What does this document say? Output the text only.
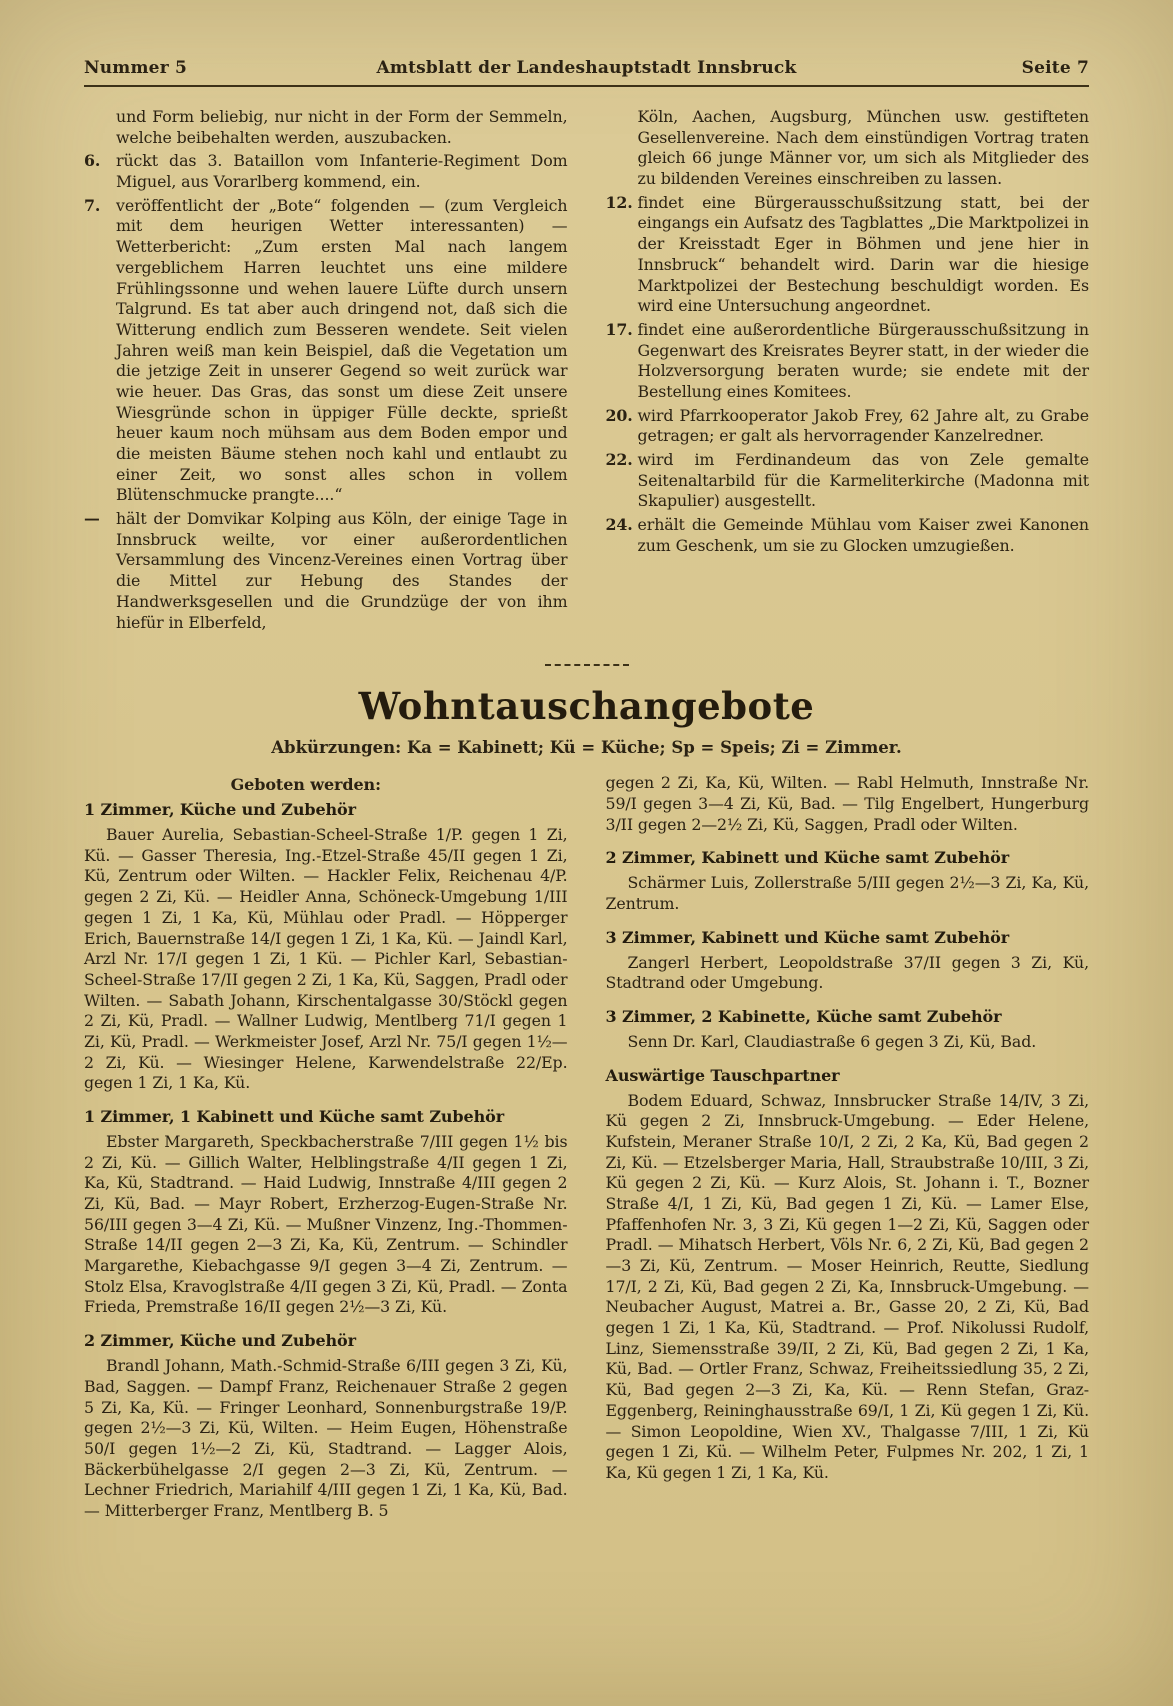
Nummer 5	Amtsblatt der Landeshauptstadt Innsbruck	Seite 7

und Form beliebig, nur nicht in der Form der Semmeln, welche beibehalten werden, auszubacken.

6. rückt das 3. Bataillon vom Infanterie-Regiment Dom Miguel, aus Vorarlberg kommend, ein.

7. veröffentlicht der „Bote“ folgenden — (zum Vergleich mit dem heurigen Wetter interessanten) — Wetterbericht: „Zum ersten Mal nach langem vergeblichem Harren leuchtet uns eine mildere Frühlingssonne und wehen lauere Lüfte durch unsern Talgrund. Es tat aber auch dringend not, daß sich die Witterung endlich zum Besseren wendete. Seit vielen Jahren weiß man kein Beispiel, daß die Vegetation um die jetzige Zeit in unserer Gegend so weit zurück war wie heuer. Das Gras, das sonst um diese Zeit unsere Wiesgründe schon in üppiger Fülle deckte, sprießt heuer kaum noch mühsam aus dem Boden empor und die meisten Bäume stehen noch kahl und entlaubt zu einer Zeit, wo sonst alles schon in vollem Blütenschmucke prangte....“

—	hält der Domvikar Kolping aus Köln, der einige Tage in Innsbruck weilte, vor einer außerordentlichen Versammlung des Vincenz-Vereines einen Vortrag über die Mittel zur Hebung des Standes der Handwerksgesellen und die Grundzüge der von ihm hiefür in Elberfeld,

Köln, Aachen, Augsburg, München usw. gestifteten Gesellenvereine. Nach dem einstündigen Vortrag traten gleich 66 junge Männer vor, um sich als Mitglieder des zu bildenden Vereines einschreiben zu lassen.

12. findet eine Bürgerausschußsitzung statt, bei der eingangs ein Aufsatz des Tagblattes „Die Marktpolizei in der Kreisstadt Eger in Böhmen und jene hier in Innsbruck“ behandelt wird. Darin war die hiesige Marktpolizei der Bestechung beschuldigt worden. Es wird eine Untersuchung angeordnet.

17. findet eine außerordentliche Bürgerausschußsitzung in Gegenwart des Kreisrates Beyrer statt, in der wieder die Holzversorgung beraten wurde; sie endete mit der Bestellung eines Komitees.

20. wird Pfarrkooperator Jakob Frey, 62 Jahre alt, zu Grabe getragen; er galt als hervorragender Kanzelredner.

22. wird im Ferdinandeum das von Zele gemalte Seitenaltarbild für die Karmeliterkirche (Madonna mit Skapulier) ausgestellt.

24. erhält die Gemeinde Mühlau vom Kaiser zwei Kanonen zum Geschenk, um sie zu Glocken umzugießen.

Wohntauschangebote
Abkürzungen: Ka = Kabinett; Kü = Küche; Sp = Speis; Zi = Zimmer.
Geboten werden:
1 Zimmer, Küche und Zubehör

Bauer Aurelia, Sebastian-Scheel-Straße 1/P. gegen 1 Zi, Kü. — Gasser Theresia, Ing.-Etzel-Straße 45/II gegen 1 Zi, Kü, Zentrum oder Wilten. — Hackler Felix, Reichenau 4/P. gegen 2 Zi, Kü. — Heidler Anna, Schöneck-Umgebung 1/III gegen 1 Zi, 1 Ka, Kü, Mühlau oder Pradl. — Höpperger Erich, Bauernstraße 14/I gegen 1 Zi, 1 Ka, Kü. — Jaindl Karl, Arzl Nr. 17/I gegen 1 Zi, 1 Kü. — Pichler Karl, Sebastian-Scheel-Straße 17/II gegen 2 Zi, 1 Ka, Kü, Saggen, Pradl oder Wilten. — Sabath Johann, Kirschentalgasse 30/Stöckl gegen 2 Zi, Kü, Pradl. — Wallner Ludwig, Mentlberg 71/I gegen 1 Zi, Kü, Pradl. — Werkmeister Josef, Arzl Nr. 75/I gegen 1½—2 Zi, Kü. — Wiesinger Helene, Karwendelstraße 22/Ep. gegen 1 Zi, 1 Ka, Kü.

1 Zimmer, 1 Kabinett und Küche samt Zubehör

Ebster Margareth, Speckbacherstraße 7/III gegen 1½ bis 2 Zi, Kü. — Gillich Walter, Helblingstraße 4/II gegen 1 Zi, Ka, Kü, Stadtrand. — Haid Ludwig, Innstraße 4/III gegen 2 Zi, Kü, Bad. — Mayr Robert, Erzherzog-Eugen-Straße Nr. 56/III gegen 3—4 Zi, Kü. — Mußner Vinzenz, Ing.-Thommen-Straße 14/II gegen 2—3 Zi, Ka, Kü, Zentrum. — Schindler Margarethe, Kiebachgasse 9/I gegen 3—4 Zi, Zentrum. — Stolz Elsa, Kravoglstraße 4/II gegen 3 Zi, Kü, Pradl. — Zonta Frieda, Premstraße 16/II gegen 2½—3 Zi, Kü.

2 Zimmer, Küche und Zubehör

Brandl Johann, Math.-Schmid-Straße 6/III gegen 3 Zi, Kü, Bad, Saggen. — Dampf Franz, Reichenauer Straße 2 gegen 5 Zi, Ka, Kü. — Fringer Leonhard, Sonnenburgstraße 19/P. gegen 2½—3 Zi, Kü, Wilten. — Heim Eugen, Höhenstraße 50/I gegen 1½—2 Zi, Kü, Stadtrand. — Lagger Alois, Bäckerbühelgasse 2/I gegen 2—3 Zi, Kü, Zentrum. — Lechner Friedrich, Mariahilf 4/III gegen 1 Zi, 1 Ka, Kü, Bad. — Mitterberger Franz, Mentlberg B. 5

gegen 2 Zi, Ka, Kü, Wilten. — Rabl Helmuth, Innstraße Nr. 59/I gegen 3—4 Zi, Kü, Bad. — Tilg Engelbert, Hungerburg 3/II gegen 2—2½ Zi, Kü, Saggen, Pradl oder Wilten.

2 Zimmer, Kabinett und Küche samt Zubehör

Schärmer Luis, Zollerstraße 5/III gegen 2½—3 Zi, Ka, Kü, Zentrum.

3 Zimmer, Kabinett und Küche samt Zubehör

Zangerl Herbert, Leopoldstraße 37/II gegen 3 Zi, Kü, Stadtrand oder Umgebung.

3 Zimmer, 2 Kabinette, Küche samt Zubehör

Senn Dr. Karl, Claudiastraße 6 gegen 3 Zi, Kü, Bad.

Auswärtige Tauschpartner

Bodem Eduard, Schwaz, Innsbrucker Straße 14/IV, 3 Zi, Kü gegen 2 Zi, Innsbruck-Umgebung. — Eder Helene, Kufstein, Meraner Straße 10/I, 2 Zi, 2 Ka, Kü, Bad gegen 2 Zi, Kü. — Etzelsberger Maria, Hall, Straubstraße 10/III, 3 Zi, Kü gegen 2 Zi, Kü. — Kurz Alois, St. Johann i. T., Bozner Straße 4/I, 1 Zi, Kü, Bad gegen 1 Zi, Kü. — Lamer Else, Pfaffenhofen Nr. 3, 3 Zi, Kü gegen 1—2 Zi, Kü, Saggen oder Pradl. — Mihatsch Herbert, Völs Nr. 6, 2 Zi, Kü, Bad gegen 2—3 Zi, Kü, Zentrum. — Moser Heinrich, Reutte, Siedlung 17/I, 2 Zi, Kü, Bad gegen 2 Zi, Ka, Innsbruck-Umgebung. — Neubacher August, Matrei a. Br., Gasse 20, 2 Zi, Kü, Bad gegen 1 Zi, 1 Ka, Kü, Stadtrand. — Prof. Nikolussi Rudolf, Linz, Siemensstraße 39/II, 2 Zi, Kü, Bad gegen 2 Zi, 1 Ka, Kü, Bad. — Ortler Franz, Schwaz, Freiheitssiedlung 35, 2 Zi, Kü, Bad gegen 2—3 Zi, Ka, Kü. — Renn Stefan, Graz-Eggenberg, Reininghausstraße 69/I, 1 Zi, Kü gegen 1 Zi, Kü. — Simon Leopoldine, Wien XV., Thalgasse 7/III, 1 Zi, Kü gegen 1 Zi, Kü. — Wilhelm Peter, Fulpmes Nr. 202, 1 Zi, 1 Ka, Kü gegen 1 Zi, 1 Ka, Kü.
